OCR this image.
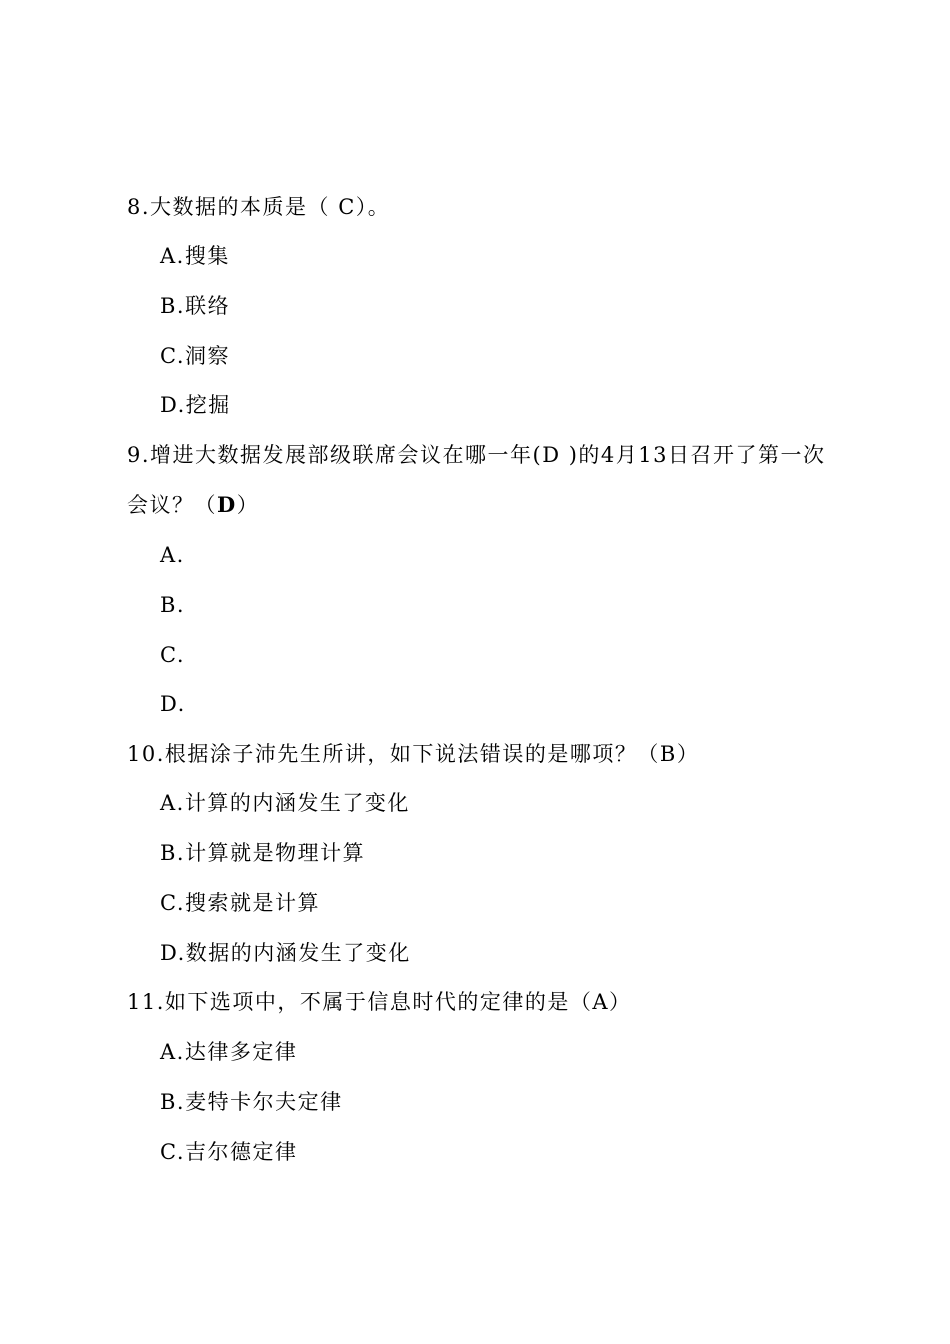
8.大数据的本质是（ C）。
A.搜集
B.联络
C.洞察
D.挖掘
9.增进大数据发展部级联席会议在哪一年(D )的4月13日召开了第一次
会议？（D）
A.
B.
C.
D.
10.根据涂子沛先生所讲，如下说法错误的是哪项？（B）
A.计算的内涵发生了变化
B.计算就是物理计算
C.搜索就是计算
D.数据的内涵发生了变化
11.如下选项中，不属于信息时代的定律的是（A）
A.达律多定律
B.麦特卡尔夫定律
C.吉尔德定律
